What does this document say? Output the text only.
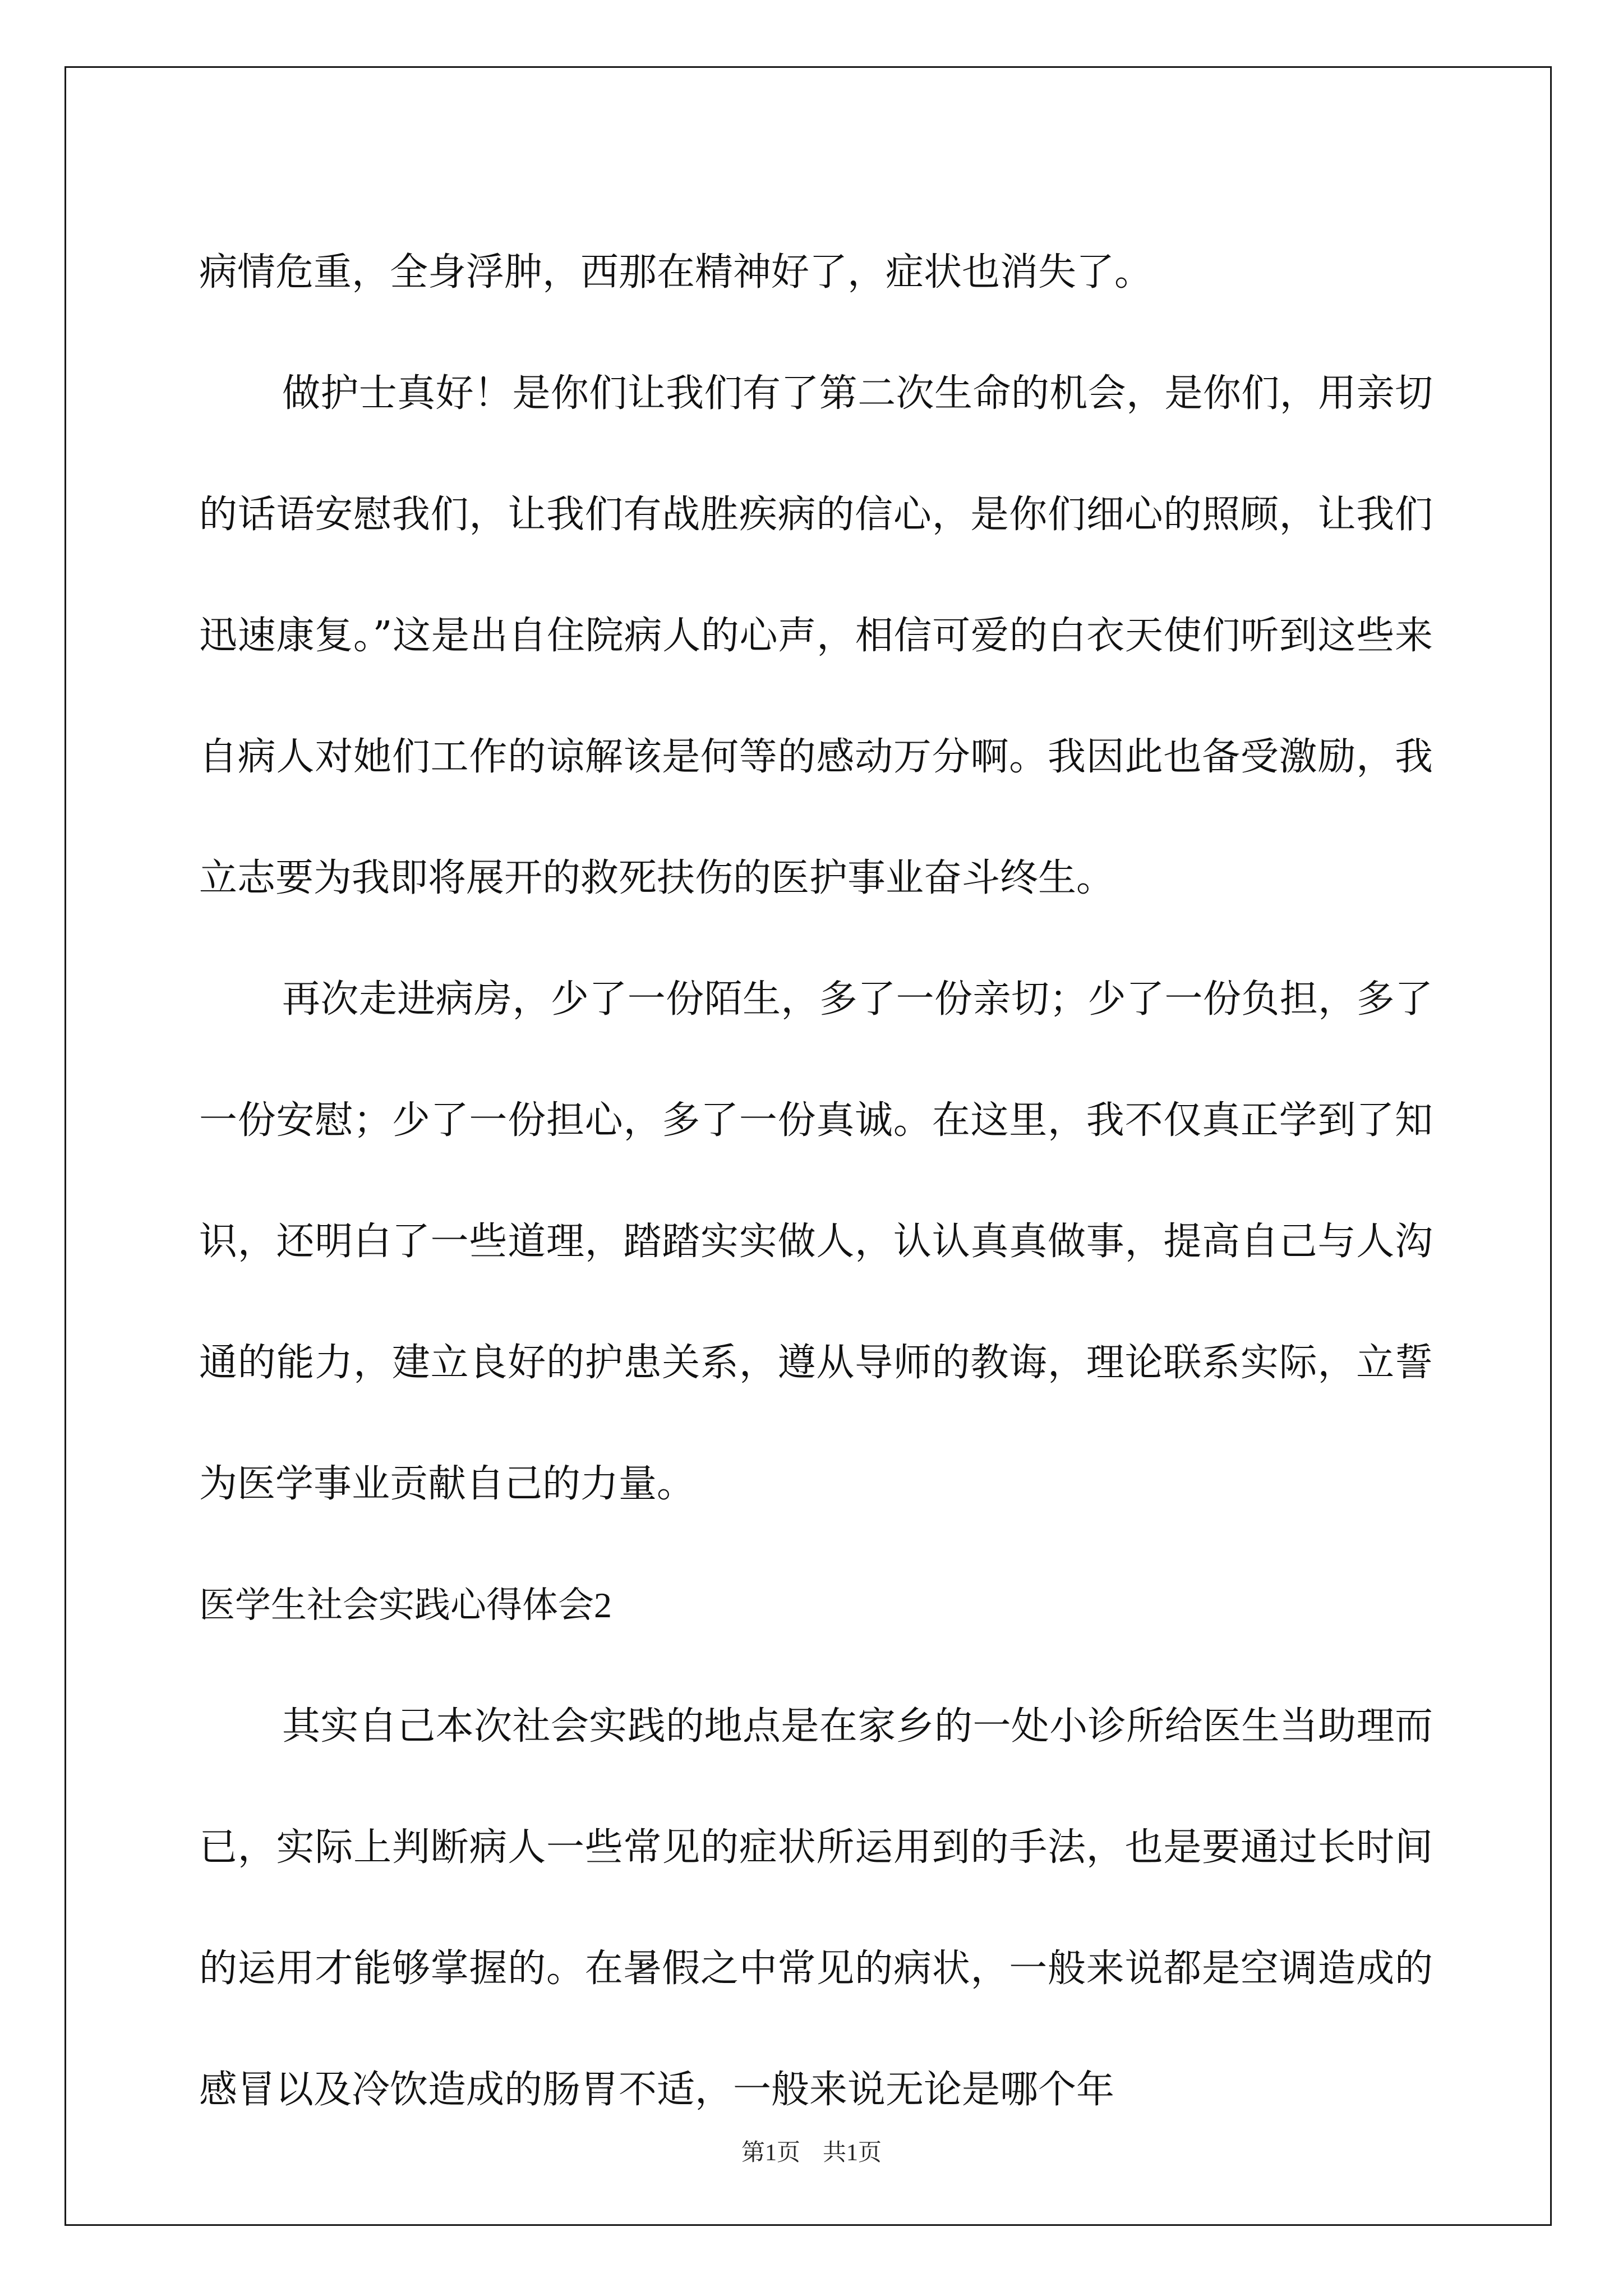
病情危重，全身浮肿，西那在精神好了，症状也消失了。

做护士真好！是你们让我们有了第二次生命的机会，是你们，用亲切的话语安慰我们，让我们有战胜疾病的信心，是你们细心的照顾，让我们迅速康复。”这是出自住院病人的心声，相信可爱的白衣天使们听到这些来自病人对她们工作的谅解该是何等的感动万分啊。我因此也备受激励，我立志要为我即将展开的救死扶伤的医护事业奋斗终生。

再次走进病房，少了一份陌生，多了一份亲切；少了一份负担，多了一份安慰；少了一份担心，多了一份真诚。在这里，我不仅真正学到了知识，还明白了一些道理，踏踏实实做人，认认真真做事，提高自己与人沟通的能力，建立良好的护患关系，遵从导师的教诲，理论联系实际，立誓为医学事业贡献自己的力量。

医学生社会实践心得体会2

其实自己本次社会实践的地点是在家乡的一处小诊所给医生当助理而已，实际上判断病人一些常见的症状所运用到的手法，也是要通过长时间的运用才能够掌握的。在暑假之中常见的病状，一般来说都是空调造成的感冒以及冷饮造成的肠胃不适，一般来说无论是哪个年

第1页 共1页
